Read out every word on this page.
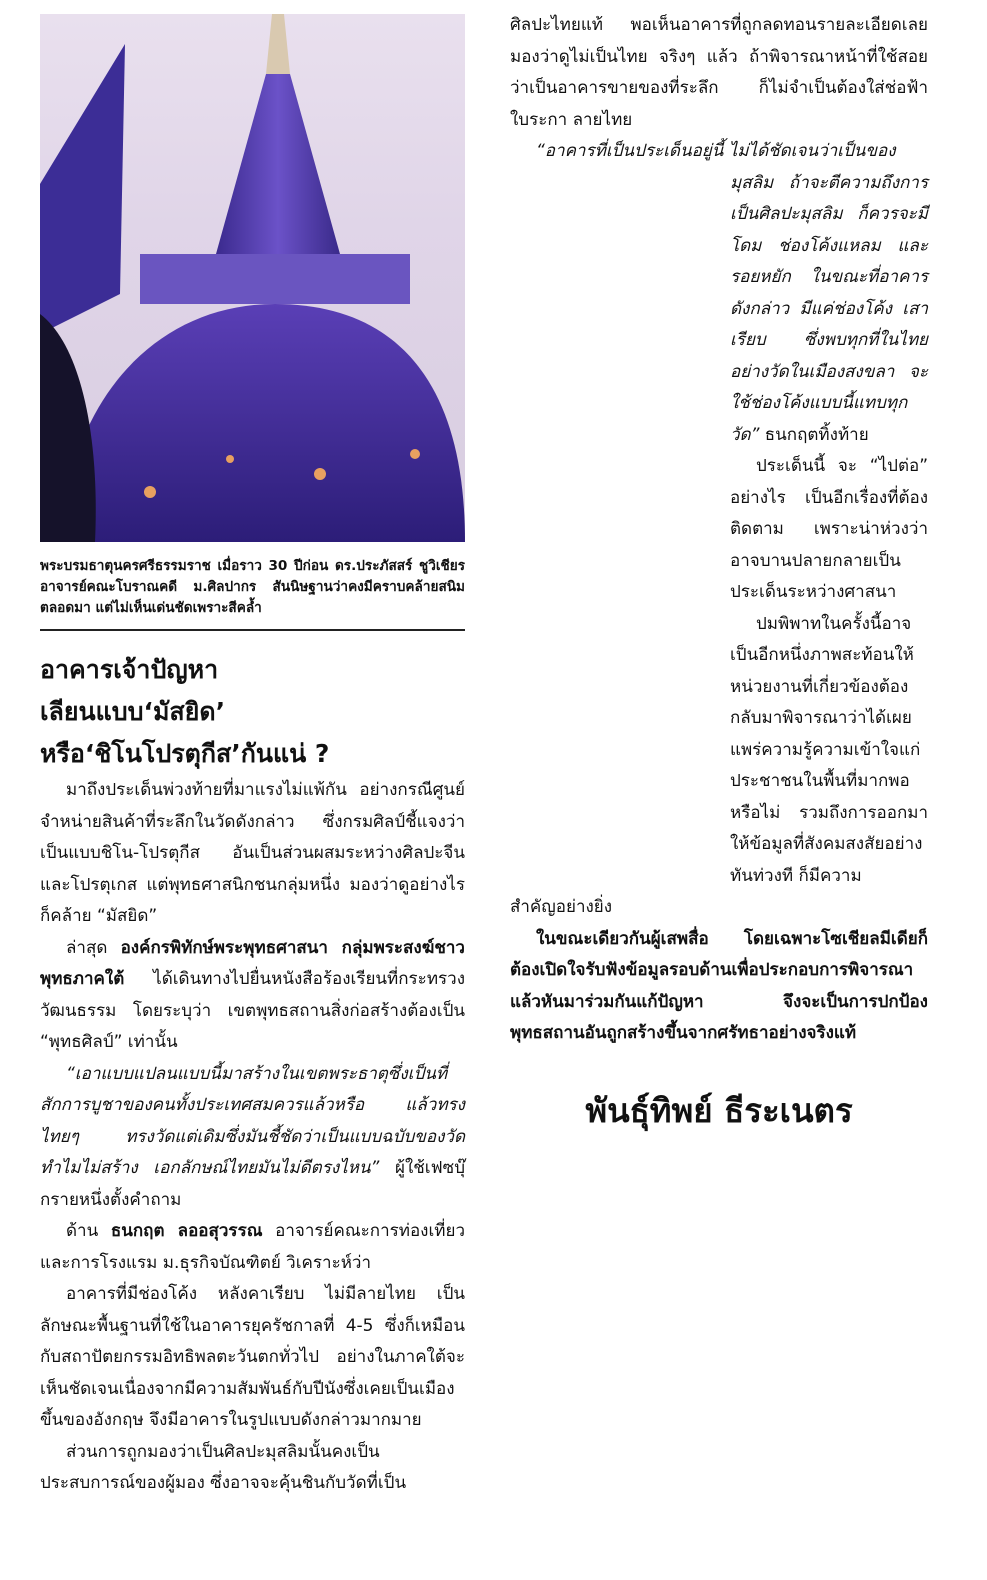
พระบรมธาตุนครศรีธรรมราช เมื่อราว 30 ปีก่อน ดร.ประภัสสร์ ชูวิเชียร อาจารย์คณะโบราณคดี ม.ศิลปากร สันนิษฐานว่าคงมีคราบคล้ายสนิมตลอดมา แต่ไม่เห็นเด่นชัดเพราะสีคล้ำ
อาคารเจ้าปัญหา
เลียนแบบ‘มัสยิด’
หรือ‘ชิโนโปรตุกีส’กันแน่ ?

มาถึงประเด็นพ่วงท้ายที่มาแรงไม่แพ้กัน อย่างกรณีศูนย์จำหน่ายสินค้าที่ระลึกในวัดดังกล่าว ซึ่งกรมศิลป์ชี้แจงว่าเป็นแบบชิโน-โปรตุกีส อันเป็นส่วนผสมระหว่างศิลปะจีนและโปรตุเกส แต่พุทธศาสนิกชนกลุ่มหนึ่ง มองว่าดูอย่างไรก็คล้าย “มัสยิด”

ล่าสุด องค์กรพิทักษ์พระพุทธศาสนา กลุ่มพระสงฆ์ชาวพุทธภาคใต้ ได้เดินทางไปยื่นหนังสือร้องเรียนที่กระทรวงวัฒนธรรม โดยระบุว่า เขตพุทธสถานสิ่งก่อสร้างต้องเป็น “พุทธศิลป์” เท่านั้น

“เอาแบบแปลนแบบนี้มาสร้างในเขตพระธาตุซึ่งเป็นที่สักการบูชาของคนทั้งประเทศสมควรแล้วหรือ แล้วทรงไทยๆ ทรงวัดแต่เดิมซึ่งมันชี้ชัดว่าเป็นแบบฉบับของวัด ทำไมไม่สร้าง เอกลักษณ์ไทยมันไม่ดีตรงไหน” ผู้ใช้เฟซบุ๊กรายหนึ่งตั้งคำถาม

ด้าน ธนกฤต ลออสุวรรณ อาจารย์คณะการท่องเที่ยวและการโรงแรม ม.ธุรกิจบัณฑิตย์ วิเคราะห์ว่า

อาคารที่มีช่องโค้ง หลังคาเรียบ ไม่มีลายไทย เป็นลักษณะพื้นฐานที่ใช้ในอาคารยุครัชกาลที่ 4-5 ซึ่งก็เหมือนกับสถาปัตยกรรมอิทธิพลตะวันตกทั่วไป อย่างในภาคใต้จะเห็นชัดเจนเนื่องจากมีความสัมพันธ์กับปีนังซึ่งเคยเป็นเมืองขึ้นของอังกฤษ จึงมีอาคารในรูปแบบดังกล่าวมากมาย

ส่วนการถูกมองว่าเป็นศิลปะมุสลิมนั้นคงเป็นประสบการณ์ของผู้มอง ซึ่งอาจจะคุ้นชินกับวัดที่เป็น

ศิลปะไทยแท้ พอเห็นอาคารที่ถูกลดทอนรายละเอียดเลยมองว่าดูไม่เป็นไทย จริงๆ แล้ว ถ้าพิจารณาหน้าที่ใช้สอยว่าเป็นอาคารขายของที่ระลึก ก็ไม่จำเป็นต้องใส่ช่อฟ้า ใบระกา ลายไทย

“อาคารที่เป็นประเด็นอยู่นี้ ไม่ได้ชัดเจนว่าเป็นของ

มุสลิม ถ้าจะตีความถึงการเป็นศิลปะมุสลิม ก็ควรจะมีโดม ช่องโค้งแหลม และรอยหยัก ในขณะที่อาคารดังกล่าว มีแค่ช่องโค้ง เสาเรียบ ซึ่งพบทุกที่ในไทย อย่างวัดในเมืองสงขลา จะใช้ช่องโค้งแบบนี้แทบทุกวัด” ธนกฤตทิ้งท้าย

ประเด็นนี้ จะ “ไปต่อ” อย่างไร เป็นอีกเรื่องที่ต้องติดตาม เพราะน่าห่วงว่าอาจบานปลายกลายเป็นประเด็นระหว่างศาสนา

ปมพิพาทในครั้งนี้อาจเป็นอีกหนึ่งภาพสะท้อนให้หน่วยงานที่เกี่ยวข้องต้องกลับมาพิจารณาว่าได้เผยแพร่ความรู้ความเข้าใจแก่ประชาชนในพื้นที่มากพอหรือไม่ รวมถึงการออกมาให้ข้อมูลที่สังคมสงสัยอย่างทันท่วงที ก็มีความ

สำคัญอย่างยิ่ง

ในขณะเดียวกันผู้เสพสื่อ โดยเฉพาะโซเชียลมีเดียก็ต้องเปิดใจรับฟังข้อมูลรอบด้านเพื่อประกอบการพิจารณา แล้วหันมาร่วมกันแก้ปัญหา จึงจะเป็นการปกป้องพุทธสถานอันถูกสร้างขึ้นจากศรัทธาอย่างจริงแท้

พันธุ์ทิพย์ ธีระเนตร
